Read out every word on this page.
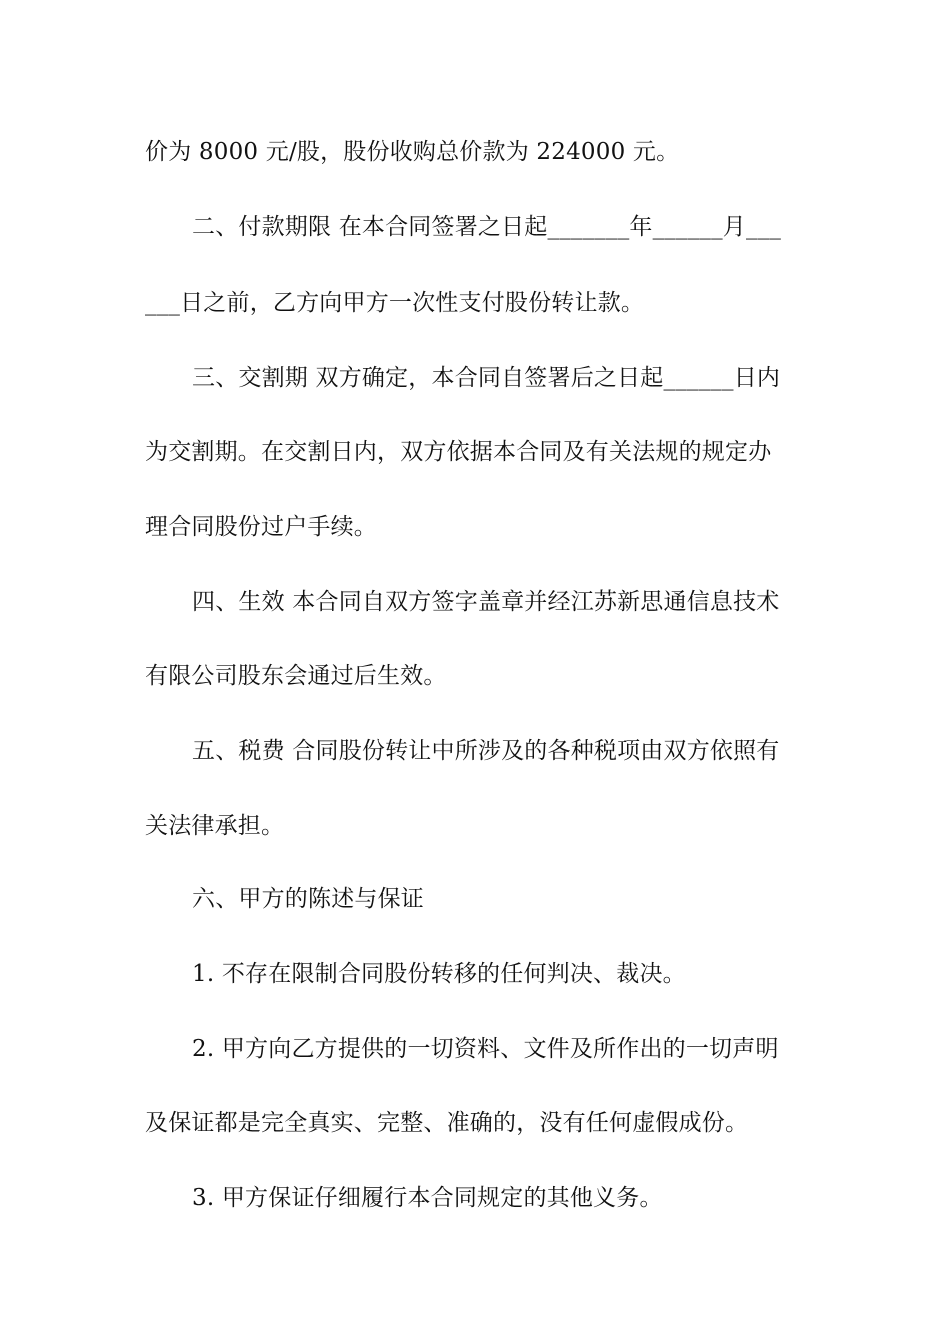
价为 8000 元/股，股份收购总价款为 224000 元。
二、付款期限 在本合同签署之日起_______年______月___
___日之前，乙方向甲方一次性支付股份转让款。
三、交割期 双方确定，本合同自签署后之日起______日内
为交割期。在交割日内，双方依据本合同及有关法规的规定办
理合同股份过户手续。
四、生效 本合同自双方签字盖章并经江苏新思通信息技术
有限公司股东会通过后生效。
五、税费 合同股份转让中所涉及的各种税项由双方依照有
关法律承担。
六、甲方的陈述与保证
1. 不存在限制合同股份转移的任何判决、裁决。
2. 甲方向乙方提供的一切资料、文件及所作出的一切声明
及保证都是完全真实、完整、准确的，没有任何虚假成份。
3. 甲方保证仔细履行本合同规定的其他义务。
